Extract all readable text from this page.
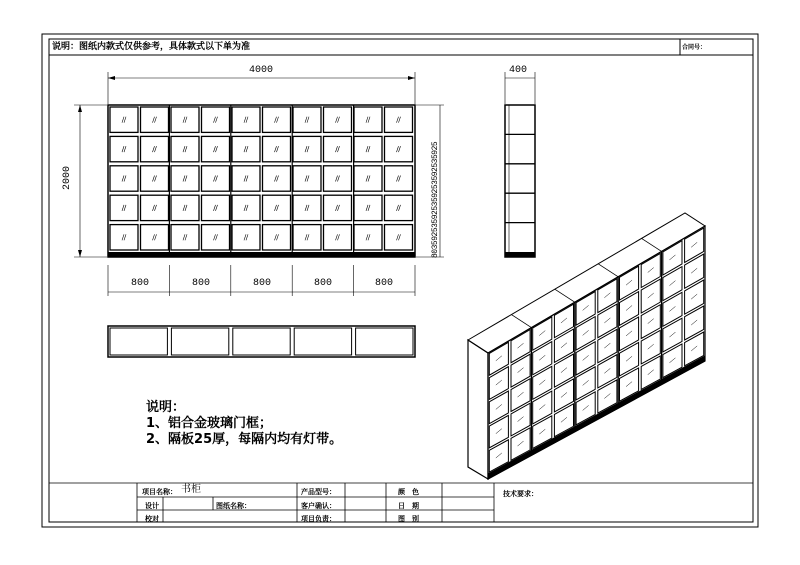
说明：图纸内款式仅供参考，具体款式以下单为准	合同号：
4000
2000
800	800	800	800	800
400
80
359
25
359
25
359
25
359
25
359
25
说明：
1、铝合金玻璃门框；
2、隔板25厚，每隔内均有灯带。
项目名称： 书柜	产品型号：	颜　色
设计	图纸名称：	客户确认：	日　期
校对	项目负责：	图　别
技术要求：
